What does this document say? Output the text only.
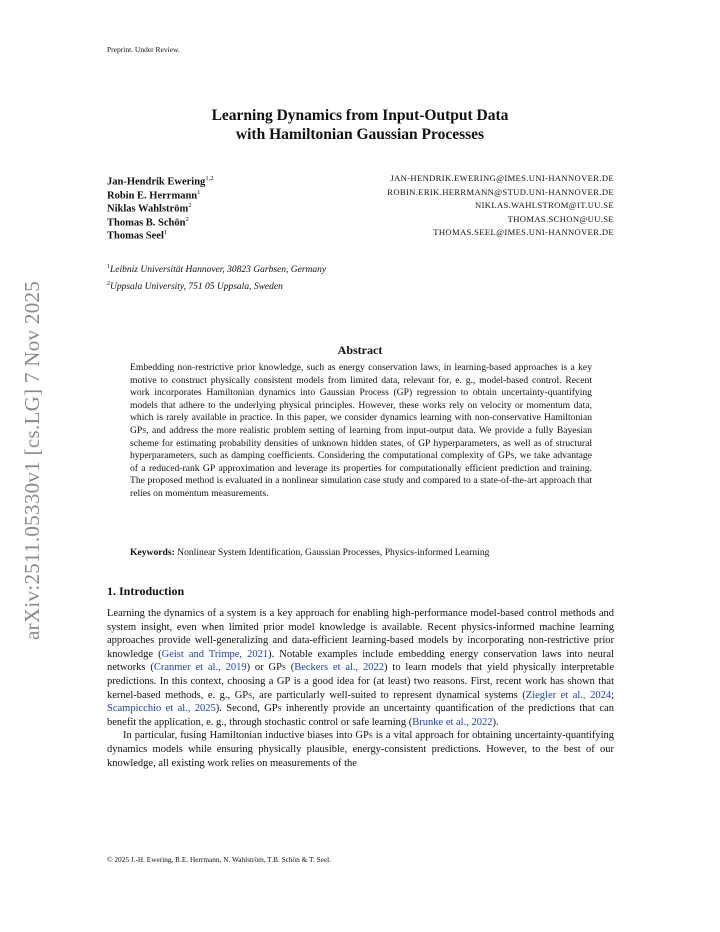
Preprint. Under Review.
arXiv:2511.05330v1 [cs.LG] 7 Nov 2025
Learning Dynamics from Input-Output Data
with Hamiltonian Gaussian Processes
Jan-Hendrik Ewering$^{1,2}$	JAN-HENDRIK.EWERING@IMES.UNI-HANNOVER.DE
Robin E. Herrmann$^1$	ROBIN.ERIK.HERRMANN@STUD.UNI-HANNOVER.DE
Niklas Wahlström$^2$	NIKLAS.WAHLSTROM@IT.UU.SE
Thomas B. Schön$^2$	THOMAS.SCHON@UU.SE
Thomas Seel$^1$	THOMAS.SEEL@IMES.UNI-HANNOVER.DE
$^1$Leibniz Universität Hannover, 30823 Garbsen, Germany
$^2$Uppsala University, 751 05 Uppsala, Sweden
Abstract
Embedding non-restrictive prior knowledge, such as energy conservation laws, in learning-based approaches is a key motive to construct physically consistent models from limited data, relevant for, e. g., model-based control. Recent work incorporates Hamiltonian dynamics into Gaussian Process (GP) regression to obtain uncertainty-quantifying models that adhere to the underlying physical principles. However, these works rely on velocity or momentum data, which is rarely available in practice. In this paper, we consider dynamics learning with non-conservative Hamiltonian GPs, and address the more realistic problem setting of learning from input-output data. We provide a fully Bayesian scheme for estimating probability densities of unknown hidden states, of GP hyperparameters, as well as of structural hyperparameters, such as damping coefficients. Considering the computational complexity of GPs, we take advantage of a reduced-rank GP approximation and leverage its properties for computationally efficient prediction and training. The proposed method is evaluated in a nonlinear simulation case study and compared to a state-of-the-art approach that relies on momentum measurements.
Keywords: Nonlinear System Identification, Gaussian Processes, Physics-informed Learning
1. Introduction

Learning the dynamics of a system is a key approach for enabling high-performance model-based control methods and system insight, even when limited prior model knowledge is available. Recent physics-informed machine learning approaches provide well-generalizing and data-efficient learning-based models by incorporating non-restrictive prior knowledge (Geist and Trimpe, 2021). Notable examples include embedding energy conservation laws into neural networks (Cranmer et al., 2019) or GPs (Beckers et al., 2022) to learn models that yield physically interpretable predictions. In this context, choosing a GP is a good idea for (at least) two reasons. First, recent work has shown that kernel-based methods, e. g., GPs, are particularly well-suited to represent dynamical systems (Ziegler et al., 2024; Scampicchio et al., 2025). Second, GPs inherently provide an uncertainty quantification of the predictions that can benefit the application, e. g., through stochastic control or safe learning (Brunke et al., 2022).

In particular, fusing Hamiltonian inductive biases into GPs is a vital approach for obtaining uncertainty-quantifying dynamics models while ensuring physically plausible, energy-consistent predictions. However, to the best of our knowledge, all existing work relies on measurements of the

© 2025 J.-H. Ewering, R.E. Herrmann, N. Wahlström, T.B. Schön & T. Seel.
